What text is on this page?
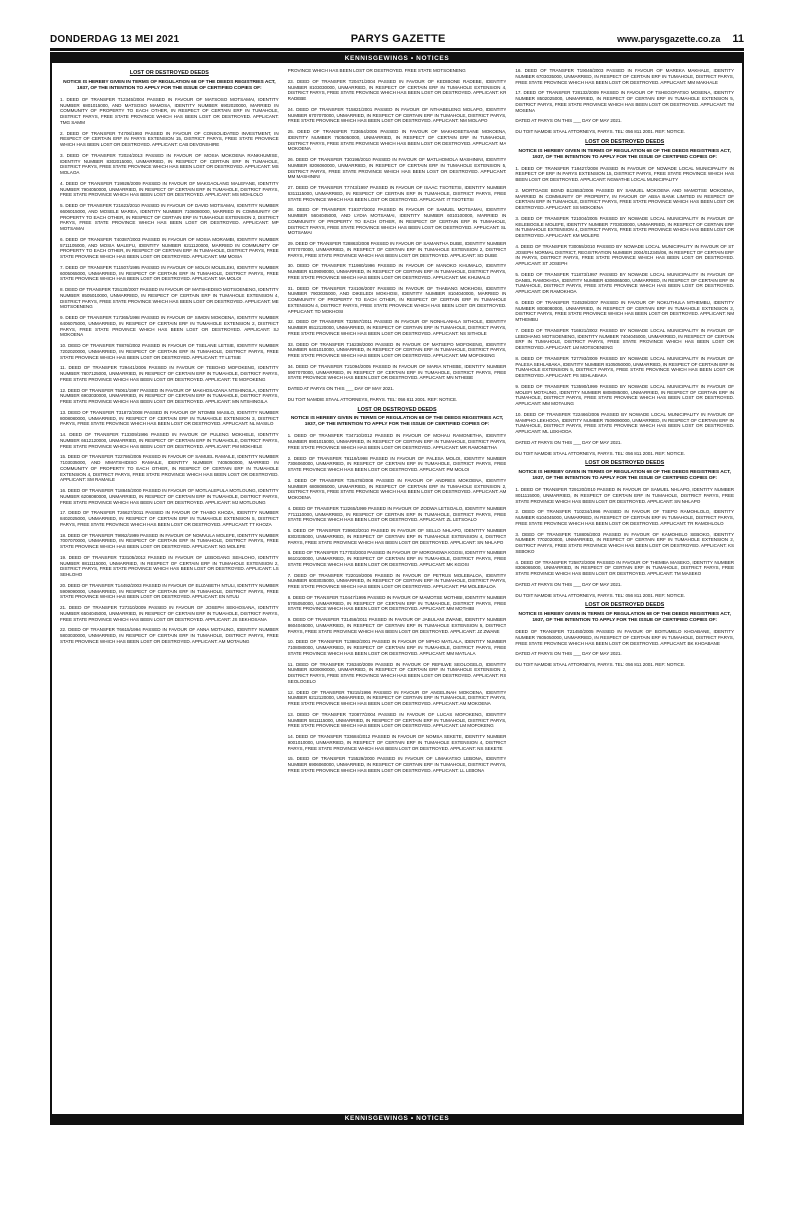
DONDERDAG 13 MEI 2021	PARYS GAZETTE	www.parysgazette.co.za 11
KENNISGEWINGS • NOTICES
LOST OR DESTROYED DEEDS

NOTICE IS HEREBY GIVEN IN TERMS OF REGULATION 68 OF THE DEEDS REGISTRIES ACT, 1937, OF THE INTENTION TO APPLY FOR THE ISSUE OF CERTIFIED COPIES OF:

1. DEED OF TRANSFER T12345/2004 PASSED IN FAVOUR OF MATSOSO MOTSAMAI, IDENTITY NUMBER 6801015000, AND MATSOSO MAMOSA, IDENTITY NUMBER 6902020000, MARRIED IN COMMUNITY OF PROPERTY TO EACH OTHER, IN RESPECT OF CERTAIN ERF IN TUMAHOLE, DISTRICT PARYS, FREE STATE PROVINCE WHICH HAS BEEN LOST OR DESTROYED. APPLICANT: TMG SAMM

2. DEED OF TRANSFER T4706/1993 PASSED IN FAVOUR OF CONSOLIDATED INVESTMENT, IN RESPECT OF CERTAIN ERF IN PARYS EXTENSION 15, DISTRICT PARYS, FREE STATE PROVINCE WHICH HAS BEEN LOST OR DESTROYED. APPLICANT: CAB DEVONSHIRE

3. DEED OF TRANSFER T2024/2013 PASSED IN FAVOUR OF MOSIA MOKOENA RANKHUMISE, IDENTITY NUMBER 8302015000, UNMARRIED, IN RESPECT OF CERTAIN ERF IN TUMAHOLE, DISTRICT PARYS, FREE STATE PROVINCE WHICH HAS BEEN LOST OR DESTROYED. APPLICANT: MS MOLAOA

4. DEED OF TRANSFER T19928/2009 PASSED IN FAVOUR OF MAKGAOLANG MALEFANE, IDENTITY NUMBER 7904050000, UNMARRIED, IN RESPECT OF CERTAIN ERF IN TUMAHOLE, DISTRICT PARYS, FREE STATE PROVINCE WHICH HAS BEEN LOST OR DESTROYED. APPLICANT: MS MOHLOLO

5. DEED OF TRANSFER T21623/2010 PASSED IN FAVOUR OF DAVID MOTSAMAI, IDENTITY NUMBER 6606015000, AND MOSELE MAREA, IDENTITY NUMBER 7108080000, MARRIED IN COMMUNITY OF PROPERTY TO EACH OTHER, IN RESPECT OF CERTAIN ERF IN TUMAHOLE EXTENSION 2, DISTRICT PARYS, FREE STATE PROVINCE WHICH HAS BEEN LOST OR DESTROYED. APPLICANT: MP MOTSAMAI

6. DEED OF TRANSFER T40387/2003 PASSED IN FAVOUR OF MOSIA MORAMBI, IDENTITY NUMBER 5711105000, AND MOSIA MALEFU, IDENTITY NUMBER 6211120000, MARRIED IN COMMUNITY OF PROPERTY TO EACH OTHER, IN RESPECT OF CERTAIN ERF IN TUMAHOLE, DISTRICT PARYS, FREE STATE PROVINCE WHICH HAS BEEN LOST OR DESTROYED. APPLICANT: MM MOSIA

7. DEED OF TRANSFER T11507/1995 PASSED IN FAVOUR OF MOLOI MOLELEKI, IDENTITY NUMBER 6005065000, UNMARRIED, IN RESPECT OF CERTAIN ERF IN TUMAHOLE, DISTRICT PARYS, FREE STATE PROVINCE WHICH HAS BEEN LOST OR DESTROYED. APPLICANT: MA MOLOI

8. DEED OF TRANSFER T25130/2007 PASSED IN FAVOUR OF MATSHEDISO MOTSOENENG, IDENTITY NUMBER 8505010000, UNMARRIED, IN RESPECT OF CERTAIN ERF IN TUMAHOLE EXTENSION 4, DISTRICT PARYS, FREE STATE PROVINCE WHICH HAS BEEN LOST OR DESTROYED. APPLICANT: ME MOTSOENENG

9. DEED OF TRANSFER T17365/1998 PASSED IN FAVOUR OF SIMON MOKOENA, IDENTITY NUMBER 6406075000, UNMARRIED, IN RESPECT OF CERTAIN ERF IN TUMAHOLE EXTENSION 2, DISTRICT PARYS, FREE STATE PROVINCE WHICH HAS BEEN LOST OR DESTROYED. APPLICANT: SJ MOKOENA

10. DEED OF TRANSFER T8876/2002 PASSED IN FAVOUR OF TSELANE LETSIE, IDENTITY NUMBER 7202020000, UNMARRIED, IN RESPECT OF CERTAIN ERF IN TUMAHOLE, DISTRICT PARYS, FREE STATE PROVINCE WHICH HAS BEEN LOST OR DESTROYED. APPLICANT: TT LETSIE

11. DEED OF TRANSFER T29441/2006 PASSED IN FAVOUR OF TEBOHO MOFOKENG, IDENTITY NUMBER 7807125000, UNMARRIED, IN RESPECT OF CERTAIN ERF IN TUMAHOLE, DISTRICT PARYS, FREE STATE PROVINCE WHICH HAS BEEN LOST OR DESTROYED. APPLICANT: TE MOFOKENG

12. DEED OF TRANSFER T5061/1997 PASSED IN FAVOUR OF MAKHOSAZANA NTSHINGILA, IDENTITY NUMBER 6903030000, UNMARRIED, IN RESPECT OF CERTAIN ERF IN TUMAHOLE, DISTRICT PARYS, FREE STATE PROVINCE WHICH HAS BEEN LOST OR DESTROYED. APPLICANT: MN NTSHINGILA

13. DEED OF TRANSFER T31872/2008 PASSED IN FAVOUR OF NTOMBI MASILO, IDENTITY NUMBER 8008080000, UNMARRIED, IN RESPECT OF CERTAIN ERF IN TUMAHOLE EXTENSION 3, DISTRICT PARYS, FREE STATE PROVINCE WHICH HAS BEEN LOST OR DESTROYED. APPLICANT: NL MASILO

14. DEED OF TRANSFER T13309/1996 PASSED IN FAVOUR OF PULENG MOKHELE, IDENTITY NUMBER 6612120000, UNMARRIED, IN RESPECT OF CERTAIN ERF IN TUMAHOLE, DISTRICT PARYS, FREE STATE PROVINCE WHICH HAS BEEN LOST OR DESTROYED. APPLICANT: PM MOKHELE

15. DEED OF TRANSFER T22786/2005 PASSED IN FAVOUR OF SAMUEL RAMAILE, IDENTITY NUMBER 7103035000, AND MMATSHIDISO RAMAILE, IDENTITY NUMBER 7405050000, MARRIED IN COMMUNITY OF PROPERTY TO EACH OTHER, IN RESPECT OF CERTAIN ERF IN TUMAHOLE EXTENSION 4, DISTRICT PARYS, FREE STATE PROVINCE WHICH HAS BEEN LOST OR DESTROYED. APPLICANT: SM RAMAILE

16. DEED OF TRANSFER T18845/2000 PASSED IN FAVOUR OF MOTLALEPULA MOTLOUNG, IDENTITY NUMBER 6208080000, UNMARRIED, IN RESPECT OF CERTAIN ERF IN TUMAHOLE, DISTRICT PARYS, FREE STATE PROVINCE WHICH HAS BEEN LOST OR DESTROYED. APPLICANT: MJ MOTLOUNG

17. DEED OF TRANSFER T26627/2011 PASSED IN FAVOUR OF THABO KHOZA, IDENTITY NUMBER 8402025000, UNMARRIED, IN RESPECT OF CERTAIN ERF IN TUMAHOLE EXTENSION 5, DISTRICT PARYS, FREE STATE PROVINCE WHICH HAS BEEN LOST OR DESTROYED. APPLICANT: TT KHOZA

18. DEED OF TRANSFER T9952/1999 PASSED IN FAVOUR OF NOMVULA MOLEFE, IDENTITY NUMBER 7007070000, UNMARRIED, IN RESPECT OF CERTAIN ERF IN TUMAHOLE, DISTRICT PARYS, FREE STATE PROVINCE WHICH HAS BEEN LOST OR DESTROYED. APPLICANT: NG MOLEFE

19. DEED OF TRANSFER T33105/2012 PASSED IN FAVOUR OF LEBOGANG SEHLOHO, IDENTITY NUMBER 8811115000, UNMARRIED, IN RESPECT OF CERTAIN ERF IN TUMAHOLE EXTENSION 2, DISTRICT PARYS, FREE STATE PROVINCE WHICH HAS BEEN LOST OR DESTROYED. APPLICANT: LS SEHLOHO

20. DEED OF TRANSFER T14492/2003 PASSED IN FAVOUR OF ELIZABETH NTULI, IDENTITY NUMBER 5909090000, UNMARRIED, IN RESPECT OF CERTAIN ERF IN TUMAHOLE, DISTRICT PARYS, FREE STATE PROVINCE WHICH HAS BEEN LOST OR DESTROYED. APPLICANT: EN NTULI

21. DEED OF TRANSFER T27310/2009 PASSED IN FAVOUR OF JOSEPH SEKHOSANA, IDENTITY NUMBER 6504045000, UNMARRIED, IN RESPECT OF CERTAIN ERF IN TUMAHOLE, DISTRICT PARYS, FREE STATE PROVINCE WHICH HAS BEEN LOST OR DESTROYED. APPLICANT: JS SEKHOSANA

22. DEED OF TRANSFER T6615/1994 PASSED IN FAVOUR OF ANNA MOTAUNG, IDENTITY NUMBER 5803030000, UNMARRIED, IN RESPECT OF CERTAIN ERF IN TUMAHOLE, DISTRICT PARYS, FREE STATE PROVINCE WHICH HAS BEEN LOST OR DESTROYED. APPLICANT: AM MOTAUNG

PROVINCE WHICH HAS BEEN LOST OR DESTROYED. FREE STATE MOTSOENENG

23. DEED OF TRANSFER T20471/2004 PASSED IN FAVOUR OF KEDIBONE RADEBE, IDENTITY NUMBER 8103030000, UNMARRIED, IN RESPECT OF CERTAIN ERF IN TUMAHOLE EXTENSION 4, DISTRICT PARYS, FREE STATE PROVINCE WHICH HAS BEEN LOST OR DESTROYED. APPLICANT: KR RADEBE

24. DEED OF TRANSFER T15821/2001 PASSED IN FAVOUR OF NTHABELENG MOLAPO, IDENTITY NUMBER 6707070000, UNMARRIED, IN RESPECT OF CERTAIN ERF IN TUMAHOLE, DISTRICT PARYS, FREE STATE PROVINCE WHICH HAS BEEN LOST OR DESTROYED. APPLICANT: NM MOLAPO

25. DEED OF TRANSFER T23654/2006 PASSED IN FAVOUR OF MAKHOSETSANE MOKOENA, IDENTITY NUMBER 7505050000, UNMARRIED, IN RESPECT OF CERTAIN ERF IN TUMAHOLE, DISTRICT PARYS, FREE STATE PROVINCE WHICH HAS BEEN LOST OR DESTROYED. APPLICANT: MA MOKOENA

26. DEED OF TRANSFER T30198/2010 PASSED IN FAVOUR OF MATLHOMOLA MASHININI, IDENTITY NUMBER 8206060000, UNMARRIED, IN RESPECT OF CERTAIN ERF IN TUMAHOLE EXTENSION 5, DISTRICT PARYS, FREE STATE PROVINCE WHICH HAS BEEN LOST OR DESTROYED. APPLICANT: MM MASHININI

27. DEED OF TRANSFER T7743/1997 PASSED IN FAVOUR OF ISAAC TSOTETSI, IDENTITY NUMBER 6311115000, UNMARRIED, IN RESPECT OF CERTAIN ERF IN TUMAHOLE, DISTRICT PARYS, FREE STATE PROVINCE WHICH HAS BEEN LOST OR DESTROYED. APPLICANT: IT TSOTETSI

28. DEED OF TRANSFER T19377/2002 PASSED IN FAVOUR OF SAMUEL MOTSAMAI, IDENTITY NUMBER 5604045000, AND LYDIA MOTSAMAI, IDENTITY NUMBER 6010100000, MARRIED IN COMMUNITY OF PROPERTY TO EACH OTHER, IN RESPECT OF CERTAIN ERF IN TUMAHOLE, DISTRICT PARYS, FREE STATE PROVINCE WHICH HAS BEEN LOST OR DESTROYED. APPLICANT: SL MOTSAMAI

29. DEED OF TRANSFER T28863/2008 PASSED IN FAVOUR OF SAMANTHA DUBE, IDENTITY NUMBER 8707070000, UNMARRIED, IN RESPECT OF CERTAIN ERF IN TUMAHOLE EXTENSION 2, DISTRICT PARYS, FREE STATE PROVINCE WHICH HAS BEEN LOST OR DESTROYED. APPLICANT: SD DUBE

30. DEED OF TRANSFER T11980/1996 PASSED IN FAVOUR OF MANOKO KHUMALO, IDENTITY NUMBER 6109090000, UNMARRIED, IN RESPECT OF CERTAIN ERF IN TUMAHOLE, DISTRICT PARYS, FREE STATE PROVINCE WHICH HAS BEEN LOST OR DESTROYED. APPLICANT: MK KHUMALO

31. DEED OF TRANSFER T24106/2007 PASSED IN FAVOUR OF THABANG MOKHOSI, IDENTITY NUMBER 7903035000, AND DIKELEDI MOKHOSI, IDENTITY NUMBER 8104040000, MARRIED IN COMMUNITY OF PROPERTY TO EACH OTHER, IN RESPECT OF CERTAIN ERF IN TUMAHOLE EXTENSION 4, DISTRICT PARYS, FREE STATE PROVINCE WHICH HAS BEEN LOST OR DESTROYED. APPLICANT: TD MOKHOSI

32. DEED OF TRANSFER T32557/2011 PASSED IN FAVOUR OF NONHLANHLA SITHOLE, IDENTITY NUMBER 8512120000, UNMARRIED, IN RESPECT OF CERTAIN ERF IN TUMAHOLE, DISTRICT PARYS, FREE STATE PROVINCE WHICH HAS BEEN LOST OR DESTROYED. APPLICANT: NS SITHOLE

33. DEED OF TRANSFER T16238/2000 PASSED IN FAVOUR OF MATSEPO MOFOKENG, IDENTITY NUMBER 6401010000, UNMARRIED, IN RESPECT OF CERTAIN ERF IN TUMAHOLE, DISTRICT PARYS, FREE STATE PROVINCE WHICH HAS BEEN LOST OR DESTROYED. APPLICANT: MM MOFOKENG

34. DEED OF TRANSFER T21094/2005 PASSED IN FAVOUR OF MARIA NTHEBE, IDENTITY NUMBER 5907070000, UNMARRIED, IN RESPECT OF CERTAIN ERF IN TUMAHOLE, DISTRICT PARYS, FREE STATE PROVINCE WHICH HAS BEEN LOST OR DESTROYED. APPLICANT: MN NTHEBE

DATED AT PARYS ON THIS ___ DAY OF MAY 2021.

DU TOIT NAMDIE STAAL ATTORNEYS, PARYS. TEL: 056 811 2001. REF: NOTICE.

LOST OR DESTROYED DEEDS

NOTICE IS HEREBY GIVEN IN TERMS OF REGULATION 68 OF THE DEEDS REGISTRIES ACT, 1937, OF THE INTENTION TO APPLY FOR THE ISSUE OF CERTIFIED COPIES OF:

1. DEED OF TRANSFER T34710/2012 PASSED IN FAVOUR OF MOHAU RAMONETHA, IDENTITY NUMBER 8901015000, UNMARRIED, IN RESPECT OF CERTAIN ERF IN TUMAHOLE, DISTRICT PARYS, FREE STATE PROVINCE WHICH HAS BEEN LOST OR DESTROYED. APPLICANT: MR RAMONETHA

2. DEED OF TRANSFER T8119/1998 PASSED IN FAVOUR OF PALESA MOLOI, IDENTITY NUMBER 7306060000, UNMARRIED, IN RESPECT OF CERTAIN ERF IN TUMAHOLE, DISTRICT PARYS, FREE STATE PROVINCE WHICH HAS BEEN LOST OR DESTROYED. APPLICANT: PM MOLOI

3. DEED OF TRANSFER T25478/2008 PASSED IN FAVOUR OF ANDRIES MOKOENA, IDENTITY NUMBER 6808085000, UNMARRIED, IN RESPECT OF CERTAIN ERF IN TUMAHOLE EXTENSION 2, DISTRICT PARYS, FREE STATE PROVINCE WHICH HAS BEEN LOST OR DESTROYED. APPLICANT: AM MOKOENA

4. DEED OF TRANSFER T12265/1999 PASSED IN FAVOUR OF ZODWA LETSOALO, IDENTITY NUMBER 7711110000, UNMARRIED, IN RESPECT OF CERTAIN ERF IN TUMAHOLE, DISTRICT PARYS, FREE STATE PROVINCE WHICH HAS BEEN LOST OR DESTROYED. APPLICANT: ZL LETSOALO

5. DEED OF TRANSFER T29902/2010 PASSED IN FAVOUR OF SELLO NHLAPO, IDENTITY NUMBER 8302035000, UNMARRIED, IN RESPECT OF CERTAIN ERF IN TUMAHOLE EXTENSION 4, DISTRICT PARYS, FREE STATE PROVINCE WHICH HAS BEEN LOST OR DESTROYED. APPLICANT: SN NHLAPO

6. DEED OF TRANSFER T17703/2003 PASSED IN FAVOUR OF MORONGWA KGOSI, IDENTITY NUMBER 6610100000, UNMARRIED, IN RESPECT OF CERTAIN ERF IN TUMAHOLE, DISTRICT PARYS, FREE STATE PROVINCE WHICH HAS BEEN LOST OR DESTROYED. APPLICANT: MK KGOSI

7. DEED OF TRANSFER T22019/2006 PASSED IN FAVOUR OF PETRUS MOLEBALOA, IDENTITY NUMBER 6003035000, UNMARRIED, IN RESPECT OF CERTAIN ERF IN TUMAHOLE, DISTRICT PARYS, FREE STATE PROVINCE WHICH HAS BEEN LOST OR DESTROYED. APPLICANT: PM MOLEBALOA

8. DEED OF TRANSFER T10447/1995 PASSED IN FAVOUR OF MAMOTSE MOTHIBI, IDENTITY NUMBER 5705050000, UNMARRIED, IN RESPECT OF CERTAIN ERF IN TUMAHOLE, DISTRICT PARYS, FREE STATE PROVINCE WHICH HAS BEEN LOST OR DESTROYED. APPLICANT: MM MOTHIBI

9. DEED OF TRANSFER T31456/2011 PASSED IN FAVOUR OF JABULANI ZWANE, IDENTITY NUMBER 8604045000, UNMARRIED, IN RESPECT OF CERTAIN ERF IN TUMAHOLE EXTENSION 5, DISTRICT PARYS, FREE STATE PROVINCE WHICH HAS BEEN LOST OR DESTROYED. APPLICANT: JZ ZWANE

10. DEED OF TRANSFER T13882/2001 PASSED IN FAVOUR OF MPHO MATLALA, IDENTITY NUMBER 7108080000, UNMARRIED, IN RESPECT OF CERTAIN ERF IN TUMAHOLE, DISTRICT PARYS, FREE STATE PROVINCE WHICH HAS BEEN LOST OR DESTROYED. APPLICANT: MM MATLALA

11. DEED OF TRANSFER T26340/2009 PASSED IN FAVOUR OF REFILWE SEOLOGELO, IDENTITY NUMBER 8209090000, UNMARRIED, IN RESPECT OF CERTAIN ERF IN TUMAHOLE EXTENSION 2, DISTRICT PARYS, FREE STATE PROVINCE WHICH HAS BEEN LOST OR DESTROYED. APPLICANT: RS SEOLOGELO

12. DEED OF TRANSFER T9215/1996 PASSED IN FAVOUR OF ANGELINAH MOKOENA, IDENTITY NUMBER 6212120000, UNMARRIED, IN RESPECT OF CERTAIN ERF IN TUMAHOLE, DISTRICT PARYS, FREE STATE PROVINCE WHICH HAS BEEN LOST OR DESTROYED. APPLICANT: AM MOKOENA

13. DEED OF TRANSFER T20877/2004 PASSED IN FAVOUR OF LUCAS MOFOKENG, IDENTITY NUMBER 5811115000, UNMARRIED, IN RESPECT OF CERTAIN ERF IN TUMAHOLE, DISTRICT PARYS, FREE STATE PROVINCE WHICH HAS BEEN LOST OR DESTROYED. APPLICANT: LM MOFOKENG

14. DEED OF TRANSFER T33684/2012 PASSED IN FAVOUR OF NOMSA SEKETE, IDENTITY NUMBER 9001010000, UNMARRIED, IN RESPECT OF CERTAIN ERF IN TUMAHOLE EXTENSION 4, DISTRICT PARYS, FREE STATE PROVINCE WHICH HAS BEEN LOST OR DESTROYED. APPLICANT: NS SEKETE

15. DEED OF TRANSFER T15529/2000 PASSED IN FAVOUR OF LIMAKATSO LEBONA, IDENTITY NUMBER 6906060000, UNMARRIED, IN RESPECT OF CERTAIN ERF IN TUMAHOLE, DISTRICT PARYS, FREE STATE PROVINCE WHICH HAS BEEN LOST OR DESTROYED. APPLICANT: LL LEBONA

16. DEED OF TRANSFER T19046/2003 PASSED IN FAVOUR OF MAREKA MAKHALE, IDENTITY NUMBER 6703035000, UNMARRIED, IN RESPECT OF CERTAIN ERF IN TUMAHOLE, DISTRICT PARYS, FREE STATE PROVINCE WHICH HAS BEEN LOST OR DESTROYED. APPLICANT: MM MAKHALE

17. DEED OF TRANSFER T28132/2009 PASSED IN FAVOUR OF TSHEGOFATSO MOSENA, IDENTITY NUMBER 8502025000, UNMARRIED, IN RESPECT OF CERTAIN ERF IN TUMAHOLE EXTENSION 5, DISTRICT PARYS, FREE STATE PROVINCE WHICH HAS BEEN LOST OR DESTROYED. APPLICANT: TM MOSENA

DATED AT PARYS ON THIS ___ DAY OF MAY 2021.

DU TOIT NAMDIE STAAL ATTORNEYS, PARYS. TEL: 056 811 2001. REF: NOTICE.

LOST OR DESTROYED DEEDS

NOTICE IS HEREBY GIVEN IN TERMS OF REGULATION 68 OF THE DEEDS REGISTRIES ACT, 1937, OF THE INTENTION TO APPLY FOR THE ISSUE OF CERTIFIED COPIES OF:

1. DEED OF TRANSFER T18427/2008 PASSED IN FAVOUR OF NOWADE LOCAL MUNICIPALITY IN RESPECT OF ERF IN PARYS EXTENSION 15, DISTRICT PARYS, FREE STATE PROVINCE WHICH HAS BEEN LOST OR DESTROYED. APPLICANT: NGWATHE LOCAL MUNICIPALITY

2. MORTGAGE BOND B12653/2006 PASSED BY SAMUEL MOKOENA AND MAMOTSE MOKOENA, MARRIED IN COMMUNITY OF PROPERTY, IN FAVOUR OF ABSA BANK LIMITED IN RESPECT OF CERTAIN ERF IN TUMAHOLE, DISTRICT PARYS, FREE STATE PROVINCE WHICH HAS BEEN LOST OR DESTROYED. APPLICANT: SS MOKOENA

3. DEED OF TRANSFER T21004/2005 PASSED BY NOWADE LOCAL MUNICIPALITY IN FAVOUR OF KELEBOGILE MOLEFE, IDENTITY NUMBER 7703030000, UNMARRIED, IN RESPECT OF CERTAIN ERF IN TUMAHOLE EXTENSION 4, DISTRICT PARYS, FREE STATE PROVINCE WHICH HAS BEEN LOST OR DESTROYED. APPLICANT: KM MOLEFE

4. DEED OF TRANSFER T30055/2010 PASSED BY NOWADE LOCAL MUNICIPALITY IN FAVOUR OF ST JOSEPH NORMAL DISTRICT, REGISTRATION NUMBER 2004/012345/08, IN RESPECT OF CERTAIN ERF IN PARYS, DISTRICT PARYS, FREE STATE PROVINCE WHICH HAS BEEN LOST OR DESTROYED. APPLICANT: ST JOSEPH

5. DEED OF TRANSFER T11873/1997 PASSED BY NOWADE LOCAL MUNICIPALITY IN FAVOUR OF DANIEL RAMOKHOA, IDENTITY NUMBER 6306065000, UNMARRIED, IN RESPECT OF CERTAIN ERF IN TUMAHOLE, DISTRICT PARYS, FREE STATE PROVINCE WHICH HAS BEEN LOST OR DESTROYED. APPLICANT: DR RAMOKHOA

6. DEED OF TRANSFER T24539/2007 PASSED IN FAVOUR OF NOKUTHULA MTHEMBU, IDENTITY NUMBER 8008080000, UNMARRIED, IN RESPECT OF CERTAIN ERF IN TUMAHOLE EXTENSION 2, DISTRICT PARYS, FREE STATE PROVINCE WHICH HAS BEEN LOST OR DESTROYED. APPLICANT: NM MTHEMBU

7. DEED OF TRANSFER T16921/2002 PASSED BY NOWADE LOCAL MUNICIPALITY IN FAVOUR OF LEBOHANG MOTSOENENG, IDENTITY NUMBER 7404045000, UNMARRIED, IN RESPECT OF CERTAIN ERF IN TUMAHOLE, DISTRICT PARYS, FREE STATE PROVINCE WHICH HAS BEEN LOST OR DESTROYED. APPLICANT: LM MOTSOENENG

8. DEED OF TRANSFER T27793/2009 PASSED BY NOWADE LOCAL MUNICIPALITY IN FAVOUR OF PALESA SEHLABAKA, IDENTITY NUMBER 8105050000, UNMARRIED, IN RESPECT OF CERTAIN ERF IN TUMAHOLE EXTENSION 5, DISTRICT PARYS, FREE STATE PROVINCE WHICH HAS BEEN LOST OR DESTROYED. APPLICANT: PS SEHLABAKA

9. DEED OF TRANSFER T13590/1999 PASSED BY NOWADE LOCAL MUNICIPALITY IN FAVOUR OF MOLEFI MOTAUNG, IDENTITY NUMBER 6808085000, UNMARRIED, IN RESPECT OF CERTAIN ERF IN TUMAHOLE, DISTRICT PARYS, FREE STATE PROVINCE WHICH HAS BEEN LOST OR DESTROYED. APPLICANT: MM MOTAUNG

10. DEED OF TRANSFER T22466/2006 PASSED BY NOWADE LOCAL MUNICIPALITY IN FAVOUR OF MAMPHO LEKHOOA, IDENTITY NUMBER 7509090000, UNMARRIED, IN RESPECT OF CERTAIN ERF IN TUMAHOLE, DISTRICT PARYS, FREE STATE PROVINCE WHICH HAS BEEN LOST OR DESTROYED. APPLICANT: ML LEKHOOA

DATED AT PARYS ON THIS ___ DAY OF MAY 2021.

DU TOIT NAMDIE STAAL ATTORNEYS, PARYS. TEL: 056 811 2001. REF: NOTICE.

LOST OR DESTROYED DEEDS

NOTICE IS HEREBY GIVEN IN TERMS OF REGULATION 68 OF THE DEEDS REGISTRIES ACT, 1937, OF THE INTENTION TO APPLY FOR THE ISSUE OF CERTIFIED COPIES OF:

1. DEED OF TRANSFER T29120/2010 PASSED IN FAVOUR OF SAMUEL NHLAPO, IDENTITY NUMBER 8011115000, UNMARRIED, IN RESPECT OF CERTAIN ERF IN TUMAHOLE, DISTRICT PARYS, FREE STATE PROVINCE WHICH HAS BEEN LOST OR DESTROYED. APPLICANT: SN NHLAPO

2. DEED OF TRANSFER T10234/1996 PASSED IN FAVOUR OF TSEPO RAMOHLOLO, IDENTITY NUMBER 6104045000, UNMARRIED, IN RESPECT OF CERTAIN ERF IN TUMAHOLE, DISTRICT PARYS, FREE STATE PROVINCE WHICH HAS BEEN LOST OR DESTROYED. APPLICANT: TR RAMOHLOLO

3. DEED OF TRANSFER T18805/2003 PASSED IN FAVOUR OF KAMOHELO SEBOKO, IDENTITY NUMBER 7702020000, UNMARRIED, IN RESPECT OF CERTAIN ERF IN TUMAHOLE EXTENSION 2, DISTRICT PARYS, FREE STATE PROVINCE WHICH HAS BEEN LOST OR DESTROYED. APPLICANT: KS SEBOKO

4. DEED OF TRANSFER T25872/2008 PASSED IN FAVOUR OF THEMBA MASEKO, IDENTITY NUMBER 8306065000, UNMARRIED, IN RESPECT OF CERTAIN ERF IN TUMAHOLE, DISTRICT PARYS, FREE STATE PROVINCE WHICH HAS BEEN LOST OR DESTROYED. APPLICANT: TM MASEKO

DATED AT PARYS ON THIS ___ DAY OF MAY 2021.

DU TOIT NAMDIE STAAL ATTORNEYS, PARYS. TEL: 056 811 2001. REF: NOTICE.

LOST OR DESTROYED DEEDS

NOTICE IS HEREBY GIVEN IN TERMS OF REGULATION 68 OF THE DEEDS REGISTRIES ACT, 1937, OF THE INTENTION TO APPLY FOR THE ISSUE OF CERTIFIED COPIES OF:

DEED OF TRANSFER T21450/2005 PASSED IN FAVOUR OF BOITUMELO KHOABANE, IDENTITY NUMBER 7805050000, UNMARRIED, IN RESPECT OF CERTAIN ERF IN TUMAHOLE, DISTRICT PARYS, FREE STATE PROVINCE WHICH HAS BEEN LOST OR DESTROYED. APPLICANT: BK KHOABANE

DATED AT PARYS ON THIS ___ DAY OF MAY 2021.

DU TOIT NAMDIE STAAL ATTORNEYS, PARYS. TEL: 056 811 2001. REF: NOTICE.

KENNISGEWINGS • NOTICES
